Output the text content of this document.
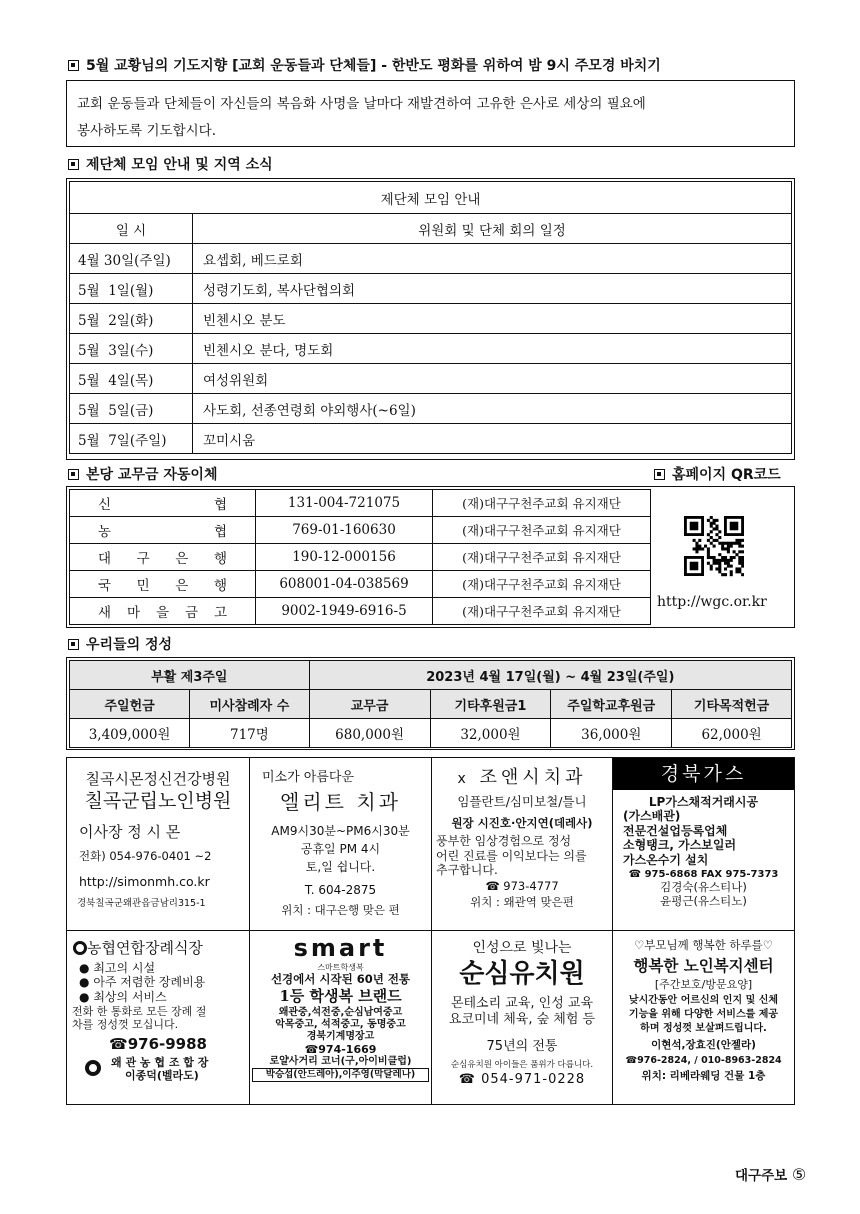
5월 교황님의 기도지향 [교회 운동들과 단체들] - 한반도 평화를 위하여 밤 9시 주모경 바치기
교회 운동들과 단체들이 자신들의 복음화 사명을 날마다 재발견하여 고유한 은사로 세상의 필요에
봉사하도록 기도합시다.
제단체 모임 안내 및 지역 소식
제단체 모임 안내	
일 시	위원회 및 단체 회의 일정
4월 30일(주일)	요셉회, 베드로회
5월  1일(월)	성령기도회, 복사단협의회
5월  2일(화)	빈첸시오 분도
5월  3일(수)	빈첸시오 분다, 명도회
5월  4일(목)	여성위원회
5월  5일(금)	사도회, 선종연령회 야외행사(~6일)
5월  7일(주일)	꼬미시움
본당 교무금 자동이체	홈페이지 QR코드
신 협	131-004-721075	(재)대구구천주교회 유지재단
농 협	769-01-160630	(재)대구구천주교회 유지재단
대 구 은 행	190-12-000156	(재)대구구천주교회 유지재단
국 민 은 행	608001-04-038569	(재)대구구천주교회 유지재단
새 마 을 금 고	9002-1949-6916-5	(재)대구구천주교회 유지재단
http://wgc.or.kr
우리들의 정성
부활 제3주일		2023년 4월 17일(월) ~ 4월 23일(주일)			
주일헌금	미사참례자 수	교무금	기타후원금1	주일학교후원금	기타목적헌금
3,409,000원	717명	680,000원	32,000원	36,000원	62,000원
칠곡시몬정신건강병원
칠곡군립노인병원
이사장 정 시 몬
전화) 054-976-0401 ~2
http://simonmh.co.kr
경북칠곡군왜관읍금남리315-1
미소가 아름다운
엘리트 치과
AM9시30분~PM6시30분
공휴일 PM 4시
토,일 쉽니다.
T. 604-2875
위치 : 대구은행 맞은 편
ⅹ 조앤시치과
임플란트/심미보철/틀니
원장 시진호·안지연(데레사)
풍부한 임상경험으로 정성
어린 진료를 이익보다는 의를
추구합니다.
☎ 973-4777
위치 : 왜관역 맞은편
경북가스
LP가스채적거래시공
(가스배관)
전문건설업등록업체
소형탱크, 가스보일러
가스온수기 설치
☎ 975-6868 FAX 975-7373
김경숙(유스티나)
윤평근(유스티노)
농협연합장례식장
● 최고의 시설
● 아주 저렴한 장례비용
● 최상의 서비스
전화 한 통화로 모든 장례 절
차를 정성껏 모십니다.
☎976-9988
왜 관 농 협 조 합 장
이종덕(벨라도)
smart
스마트학생복
선경에서 시작된 60년 전통
1등 학생복 브랜드
왜관중,석전중,순심남여중고
악목중고, 석적중고, 동명중고
경북기계명장고
☎974-1669
로얄사거리 코너(구,아이비클럽)
박승섭(안드레아),이주영(막달레나)
인성으로 빛나는
순심유치원
몬테소리 교육, 인성 교육
요코미네 체육, 숲 체험 등
75년의 전통
순심유치원 아이들은 품위가 다릅니다.
☎ 054-971-0228
♡부모님께 행복한 하루를♡
행복한 노인복지센터
[주간보호/방문요양]
낮시간동안 어르신의 인지 및 신체
기능을 위해 다양한 서비스를 제공
하며 정성껏 보살펴드립니다.
이현석,장효진(안젤라)
☎976-2824, / 010-8963-2824
위치: 리베라웨딩 건물 1층
대구주보 ⑤
